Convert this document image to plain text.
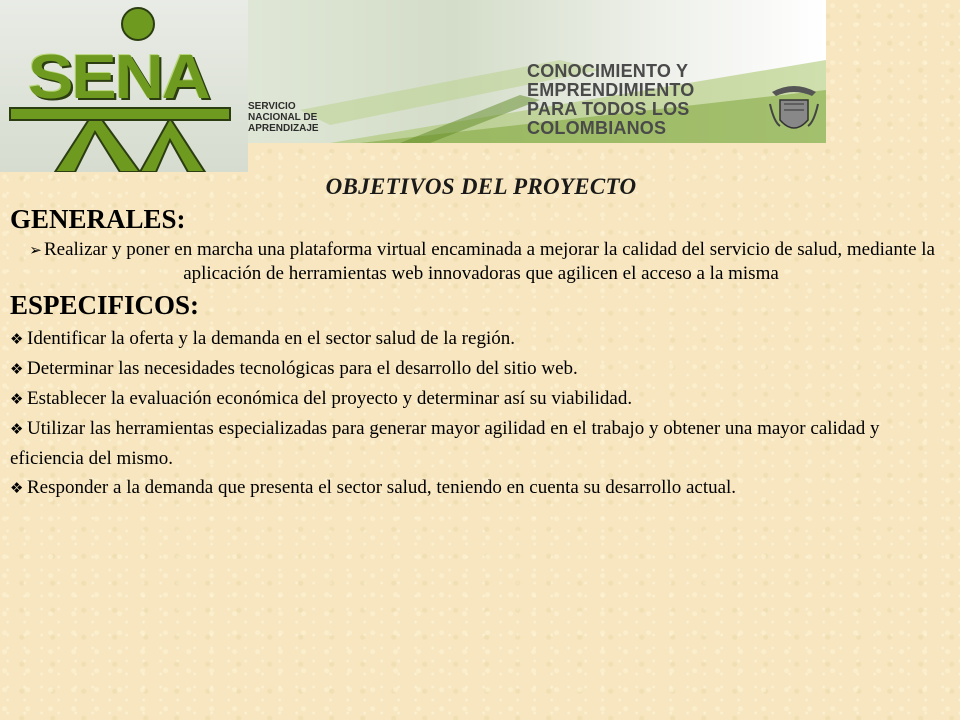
SENA	SERVICIO
NACIONAL DE
APRENDIZAJE
CONOCIMIENTO Y
EMPRENDIMIENTO
PARA TODOS LOS
COLOMBIANOS
OBJETIVOS DEL PROYECTO
GENERALES:

➢ Realizar y poner en marcha una plataforma virtual encaminada a mejorar la calidad del servicio de salud, mediante la aplicación de herramientas web innovadoras que agilicen el acceso a la misma

ESPECIFICOS:

❖ Identificar la oferta y la demanda en el sector salud de la región.

❖ Determinar las necesidades tecnológicas para el desarrollo del sitio web.

❖ Establecer la evaluación económica del proyecto y determinar así su viabilidad.

❖ Utilizar las herramientas especializadas para generar mayor agilidad en el trabajo y obtener una mayor calidad y eficiencia del mismo.

❖ Responder a la demanda que presenta el sector salud, teniendo en cuenta su desarrollo actual.
